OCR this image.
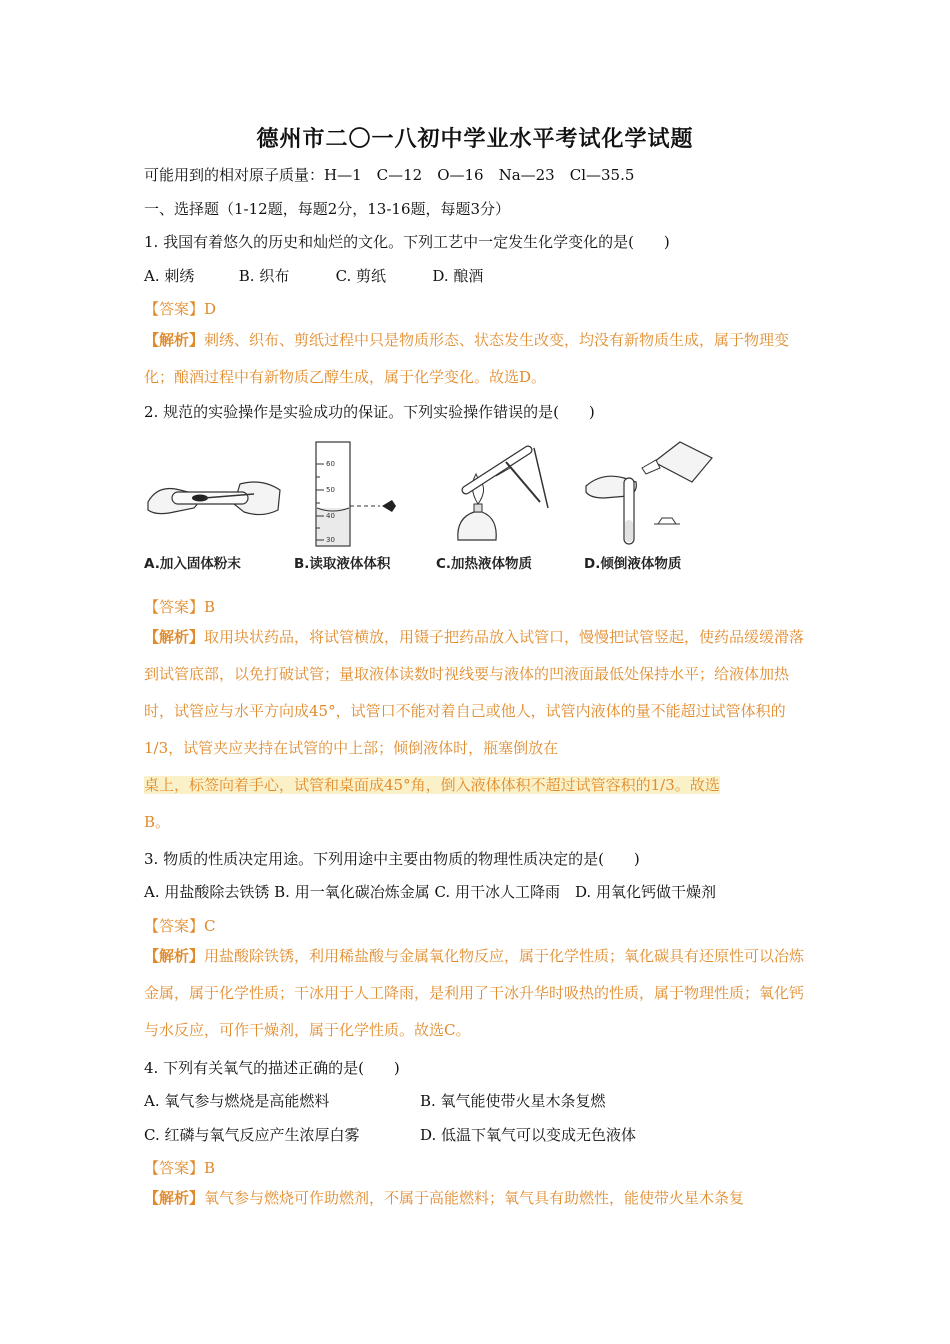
德州市二〇一八初中学业水平考试化学试题
可能用到的相对原子质量：H—1　C—12　O—16　Na—23　Cl—35.5
一、选择题（1-12题，每题2分，13-16题，每题3分）
1. 我国有着悠久的历史和灿烂的文化。下列工艺中一定发生化学变化的是(　　)
A. 刺绣	B. 织布	C. 剪纸	D. 酿酒
【答案】D
【解析】刺绣、织布、剪纸过程中只是物质形态、状态发生改变，均没有新物质生成，属于物理变化；酿酒过程中有新物质乙醇生成，属于化学变化。故选D。
2. 规范的实验操作是实验成功的保证。下列实验操作错误的是(　　)
A.加入固体粉末
60
50
40
30
B.读取液体体积	C.加热液体物质	D.倾倒液体物质
【答案】B
【解析】取用块状药品，将试管横放，用镊子把药品放入试管口，慢慢把试管竖起，使药品缓缓滑落到试管底部，以免打破试管；量取液体读数时视线要与液体的凹液面最低处保持水平；给液体加热时，试管应与水平方向成45°，试管口不能对着自己或他人，试管内液体的量不能超过试管体积的1/3，试管夹应夹持在试管的中上部；倾倒液体时，瓶塞倒放在
桌上，标签向着手心，试管和桌面成45°角，倒入液体体积不超过试管容积的1/3。故选
B。
3. 物质的性质决定用途。下列用途中主要由物质的物理性质决定的是(　　)
A. 用盐酸除去铁锈 B. 用一氧化碳冶炼金属 C. 用干冰人工降雨　D. 用氧化钙做干燥剂
【答案】C
【解析】用盐酸除铁锈，利用稀盐酸与金属氧化物反应，属于化学性质；氧化碳具有还原性可以冶炼金属，属于化学性质；干冰用于人工降雨，是利用了干冰升华时吸热的性质，属于物理性质；氧化钙与水反应，可作干燥剂，属于化学性质。故选C。
4. 下列有关氧气的描述正确的是(　　)
A. 氧气参与燃烧是高能燃料	B. 氧气能使带火星木条复燃
C. 红磷与氧气反应产生浓厚白雾	D. 低温下氧气可以变成无色液体
【答案】B
【解析】氧气参与燃烧可作助燃剂，不属于高能燃料；氧气具有助燃性，能使带火星木条复
